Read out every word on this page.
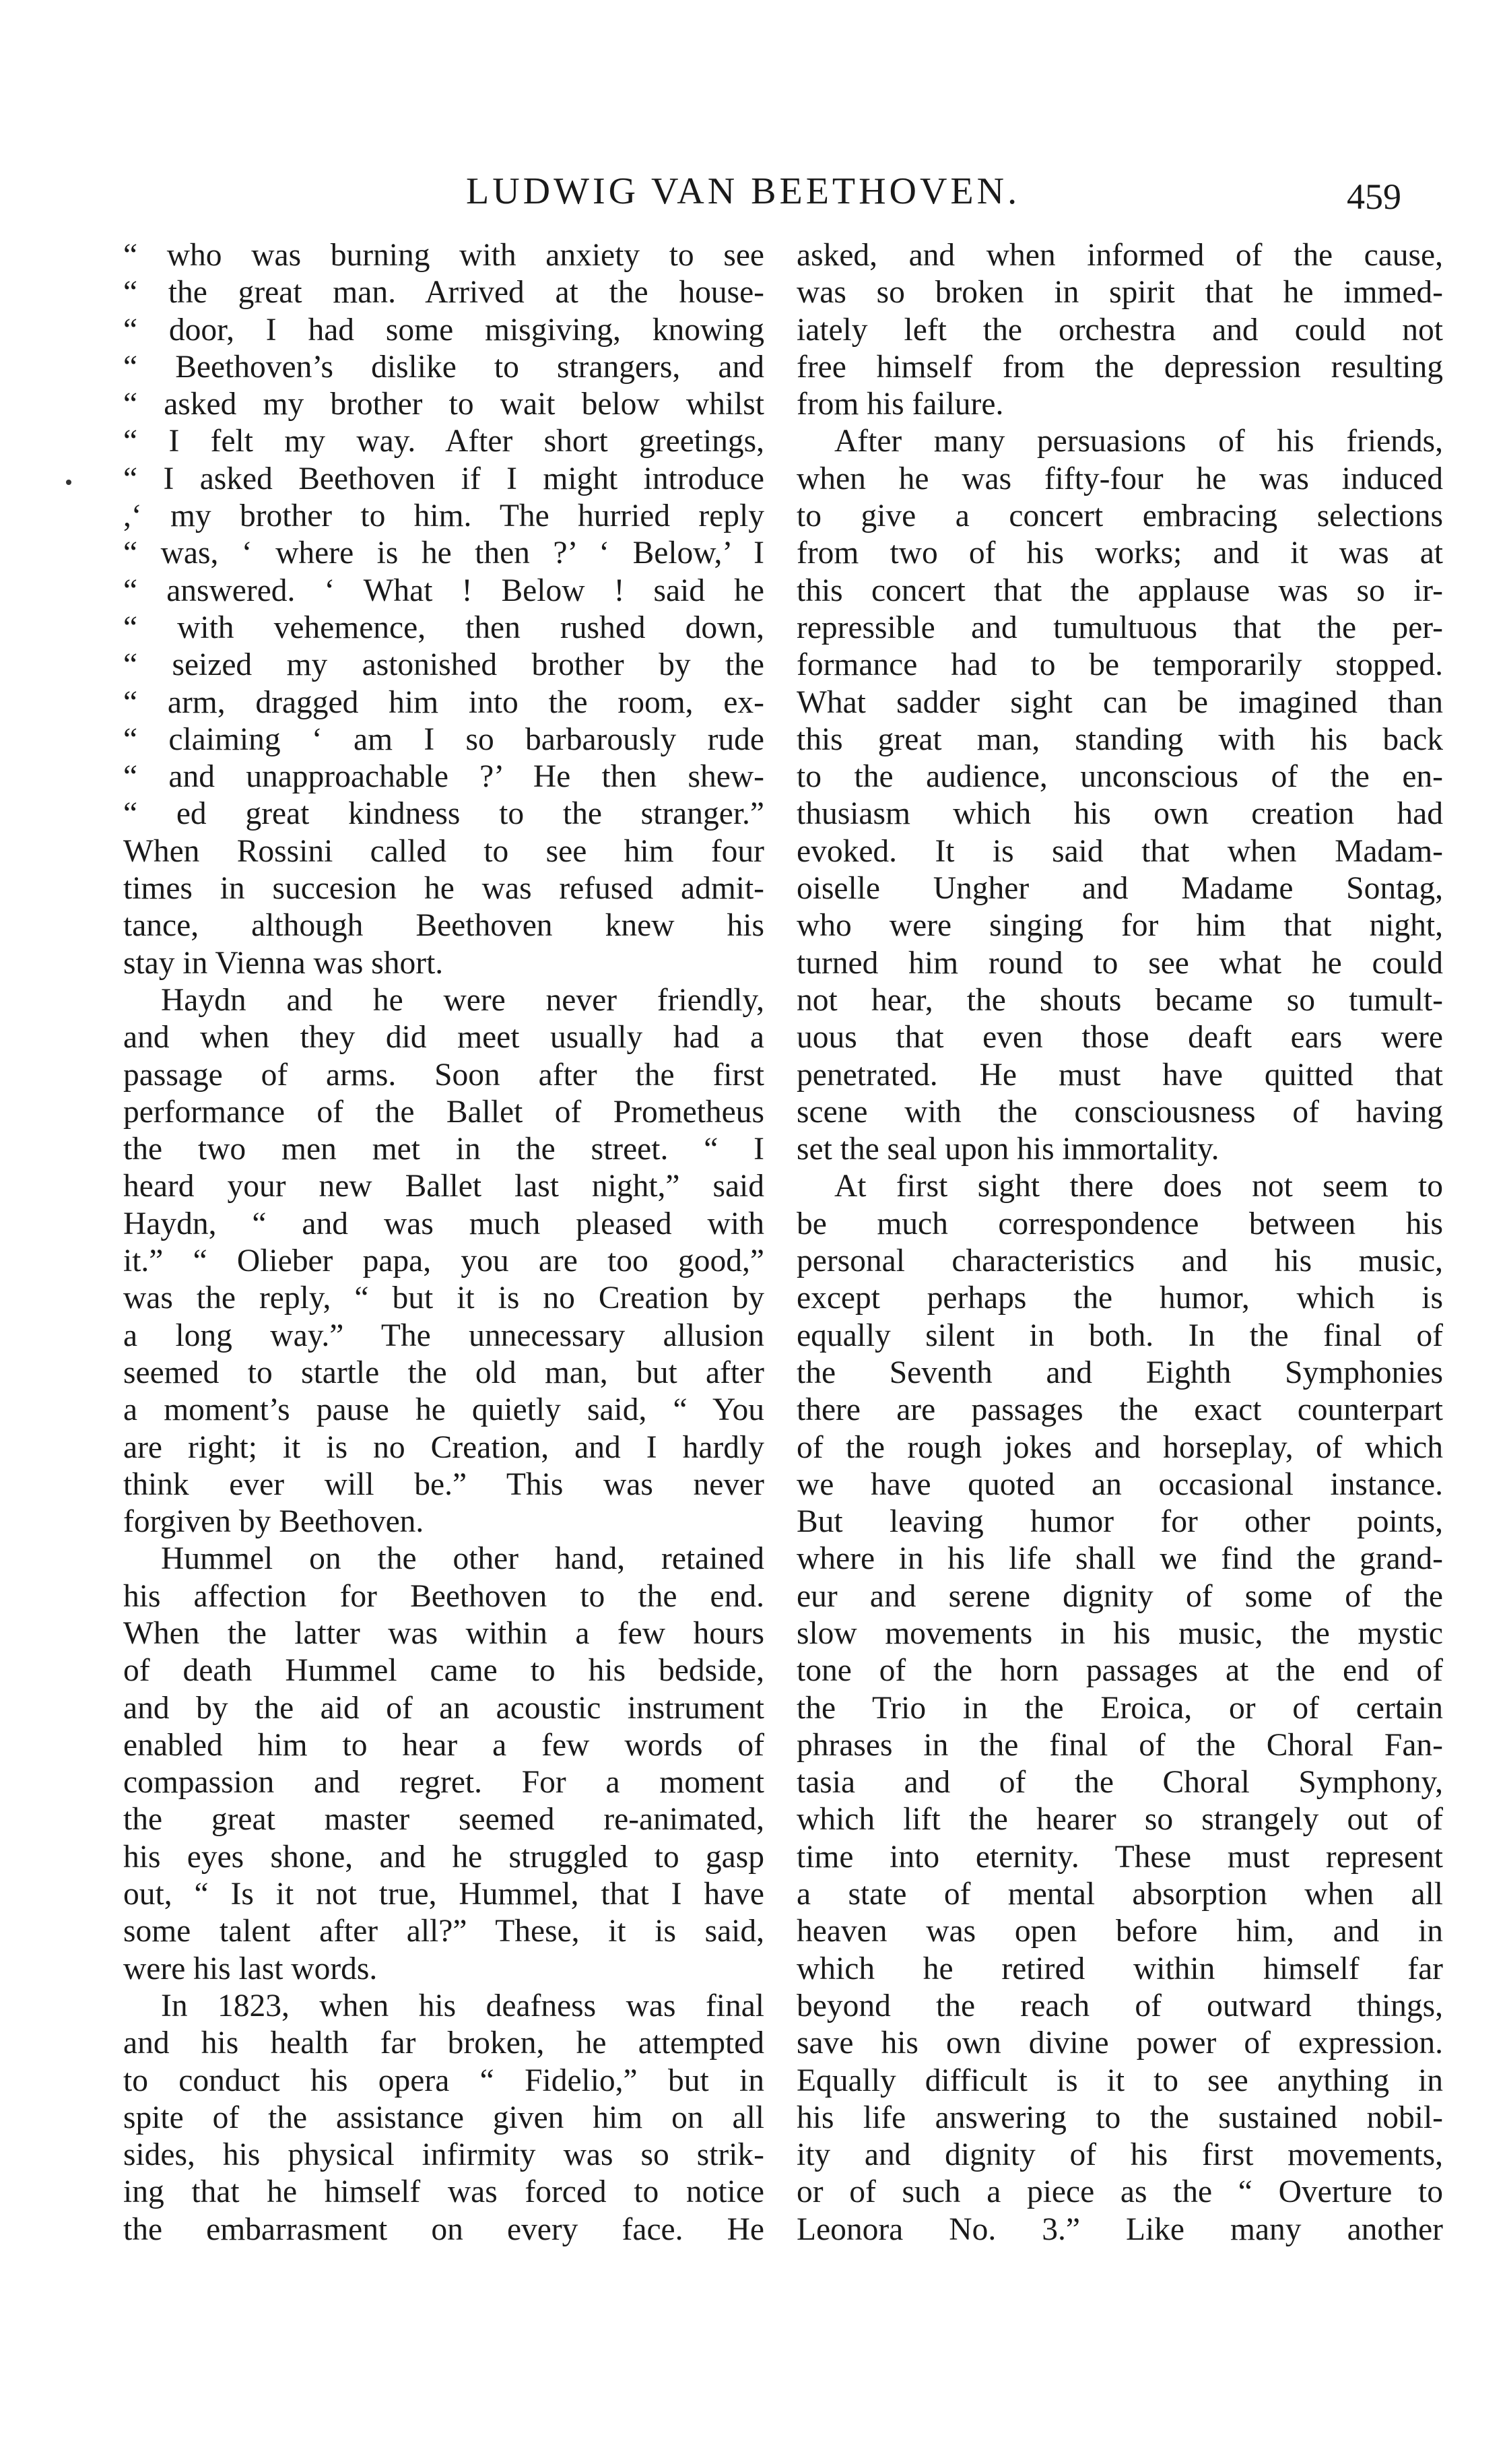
LUDWIG VAN BEETHOVEN.	459
“ who was burning with anxiety to see
“ the great man. Arrived at the house-
“ door, I had some misgiving, knowing
“ Beethoven’s dislike to strangers, and
“ asked my brother to wait below whilst
“ I felt my way. After short greetings,
“ I asked Beethoven if I might introduce
,‘ my brother to him. The hurried reply
“ was, ‘ where is he then ?’ ‘ Below,’ I
“ answered. ‘ What ! Below ! said he
“ with vehemence, then rushed down,
“ seized my astonished brother by the
“ arm, dragged him into the room, ex-
“ claiming ‘ am I so barbarously rude
“ and unapproachable ?’ He then shew-
“ ed great kindness to the stranger.”
When Rossini called to see him four
times in succesion he was refused admit-
tance, although Beethoven knew his
stay in Vienna was short.
Haydn and he were never friendly,
and when they did meet usually had a
passage of arms. Soon after the first
performance of the Ballet of Prometheus
the two men met in the street. “ I
heard your new Ballet last night,” said
Haydn, “ and was much pleased with
it.” “ Olieber papa, you are too good,”
was the reply, “ but it is no Creation by
a long way.” The unnecessary allusion
seemed to startle the old man, but after
a moment’s pause he quietly said, “ You
are right; it is no Creation, and I hardly
think ever will be.” This was never
forgiven by Beethoven.
Hummel on the other hand, retained
his affection for Beethoven to the end.
When the latter was within a few hours
of death Hummel came to his bedside,
and by the aid of an acoustic instrument
enabled him to hear a few words of
compassion and regret. For a moment
the great master seemed re-animated,
his eyes shone, and he struggled to gasp
out, “ Is it not true, Hummel, that I have
some talent after all?” These, it is said,
were his last words.
In 1823, when his deafness was final
and his health far broken, he attempted
to conduct his opera “ Fidelio,” but in
spite of the assistance given him on all
sides, his physical infirmity was so strik-
ing that he himself was forced to notice
the embarrasment on every face. He
asked, and when informed of the cause,
was so broken in spirit that he immed-
iately left the orchestra and could not
free himself from the depression resulting
from his failure.
After many persuasions of his friends,
when he was fifty-four he was induced
to give a concert embracing selections
from two of his works; and it was at
this concert that the applause was so ir-
repressible and tumultuous that the per-
formance had to be temporarily stopped.
What sadder sight can be imagined than
this great man, standing with his back
to the audience, unconscious of the en-
thusiasm which his own creation had
evoked. It is said that when Madam-
oiselle Ungher and Madame Sontag,
who were singing for him that night,
turned him round to see what he could
not hear, the shouts became so tumult-
uous that even those deaft ears were
penetrated. He must have quitted that
scene with the consciousness of having
set the seal upon his immortality.
At first sight there does not seem to
be much correspondence between his
personal characteristics and his music,
except perhaps the humor, which is
equally silent in both. In the final of
the Seventh and Eighth Symphonies
there are passages the exact counterpart
of the rough jokes and horseplay, of which
we have quoted an occasional instance.
But leaving humor for other points,
where in his life shall we find the grand-
eur and serene dignity of some of the
slow movements in his music, the mystic
tone of the horn passages at the end of
the Trio in the Eroica, or of certain
phrases in the final of the Choral Fan-
tasia and of the Choral Symphony,
which lift the hearer so strangely out of
time into eternity. These must represent
a state of mental absorption when all
heaven was open before him, and in
which he retired within himself far
beyond the reach of outward things,
save his own divine power of expression.
Equally difficult is it to see anything in
his life answering to the sustained nobil-
ity and dignity of his first movements,
or of such a piece as the “ Overture to
Leonora No. 3.” Like many another
